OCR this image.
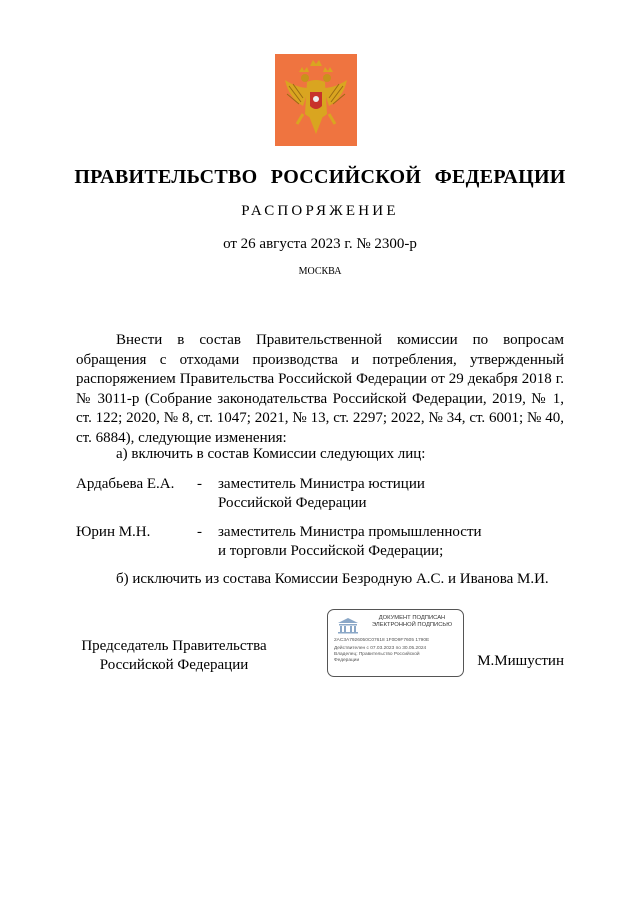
ПРАВИТЕЛЬСТВО РОССИЙСКОЙ ФЕДЕРАЦИИ
РАСПОРЯЖЕНИЕ
от 26 августа 2023 г. № 2300-р
МОСКВА
Внести в состав Правительственной комиссии по вопросам обращения с отходами производства и потребления, утвержденный распоряжением Правительства Российской Федерации от 29 декабря 2018 г. № 3011-р (Собрание законодательства Российской Федерации, 2019, № 1, ст. 122; 2020, № 8, ст. 1047; 2021, № 13, ст. 2297; 2022, № 34, ст. 6001; № 40, ст. 6884), следующие изменения:
а) включить в состав Комиссии следующих лиц:
Ардабьева Е.А. - заместитель Министра юстиции
Российской Федерации
Юрин М.Н.	- заместитель Министра промышленности
и торговли Российской Федерации;
б) исключить из состава Комиссии Безродную А.С. и Иванова М.И.
Председатель Правительства
Российской Федерации
ДОКУМЕНТ ПОДПИСАН
ЭЛЕКТРОННОЙ ПОДПИСЬЮ
2AC3A7926050C07618 1F0D9F7605 1790E
Действителен с 07.03.2023 по 30.05.2024
Владелец: Правительство Российской
Федерации	М.Мишустин
